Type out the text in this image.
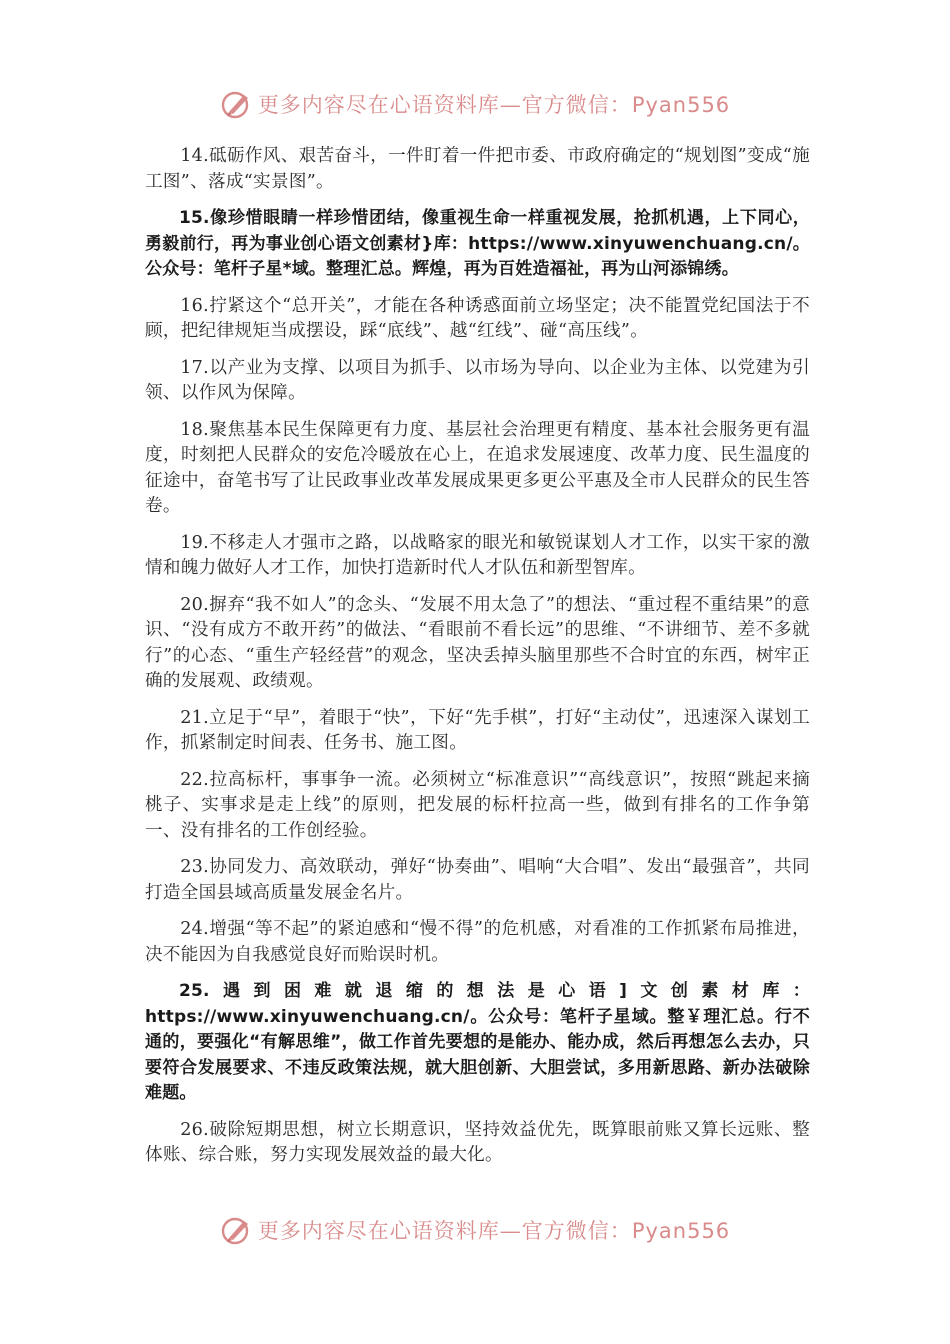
更多内容尽在心语资料库—官方微信：Pyan556

14.砥砺作风、艰苦奋斗，一件盯着一件把市委、市政府确定的“规划图”变成“施工图”、落成“实景图”。

15.像珍惜眼睛一样珍惜团结，像重视生命一样重视发展，抢抓机遇，上下同心，勇毅前行，再为事业创心语文创素材}库：https://www.xinyuwenchuang.cn/。公众号：笔杆子星*域。整理汇总。辉煌，再为百姓造福祉，再为山河添锦绣。

16.拧紧这个“总开关”，才能在各种诱惑面前立场坚定；决不能置党纪国法于不顾，把纪律规矩当成摆设，踩“底线”、越“红线”、碰“高压线”。

17.以产业为支撑、以项目为抓手、以市场为导向、以企业为主体、以党建为引领、以作风为保障。

18.聚焦基本民生保障更有力度、基层社会治理更有精度、基本社会服务更有温度，时刻把人民群众的安危冷暖放在心上，在追求发展速度、改革力度、民生温度的征途中，奋笔书写了让民政事业改革发展成果更多更公平惠及全市人民群众的民生答卷。

19.不移走人才强市之路，以战略家的眼光和敏锐谋划人才工作，以实干家的激情和魄力做好人才工作，加快打造新时代人才队伍和新型智库。

20.摒弃“我不如人”的念头、“发展不用太急了”的想法、“重过程不重结果”的意识、“没有成方不敢开药”的做法、“看眼前不看长远”的思维、“不讲细节、差不多就行”的心态、“重生产轻经营”的观念，坚决丢掉头脑里那些不合时宜的东西，树牢正确的发展观、政绩观。

21.立足于“早”，着眼于“快”，下好“先手棋”，打好“主动仗”，迅速深入谋划工作，抓紧制定时间表、任务书、施工图。

22.拉高标杆，事事争一流。必须树立“标准意识”“高线意识”，按照“跳起来摘桃子、实事求是走上线”的原则，把发展的标杆拉高一些，做到有排名的工作争第一、没有排名的工作创经验。

23.协同发力、高效联动，弹好“协奏曲”、唱响“大合唱”、发出“最强音”，共同打造全国县域高质量发展金名片。

24.增强“等不起”的紧迫感和“慢不得”的危机感，对看准的工作抓紧布局推进，决不能因为自我感觉良好而贻误时机。

25.遇到困难就退缩的想法是心语]文创素材库：https://www.xinyuwenchuang.cn/。公众号：笔杆子星域。整￥理汇总。行不通的，要强化“有解思维”，做工作首先要想的是能办、能办成，然后再想怎么去办，只要符合发展要求、不违反政策法规，就大胆创新、大胆尝试，多用新思路、新办法破除难题。

26.破除短期思想，树立长期意识，坚持效益优先，既算眼前账又算长远账、整体账、综合账，努力实现发展效益的最大化。

更多内容尽在心语资料库—官方微信：Pyan556
